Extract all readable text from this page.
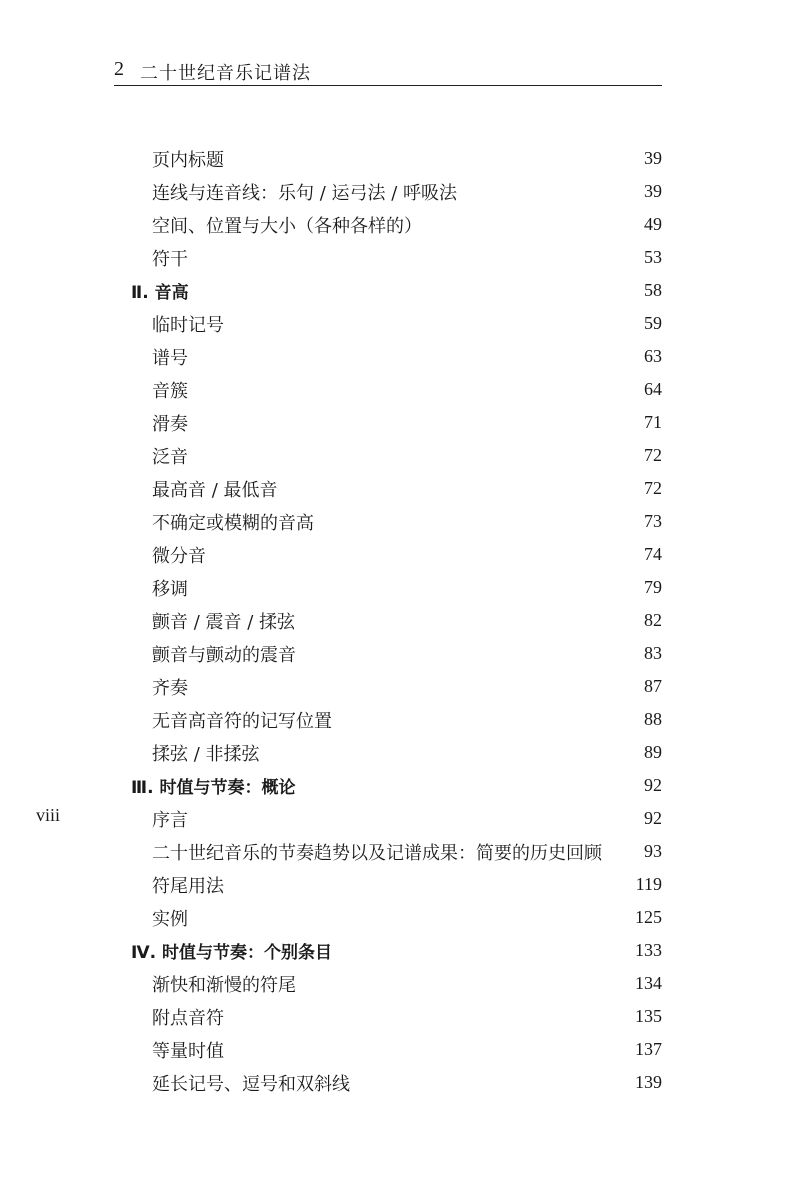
2 二十世纪音乐记谱法
页内标题	39
连线与连音线：乐句 / 运弓法 / 呼吸法	39
空间、位置与大小（各种各样的）	49
符干	53
Ⅱ. 音高	58
临时记号	59
谱号	63
音簇	64
滑奏	71
泛音	72
最高音 / 最低音	72
不确定或模糊的音高	73
微分音	74
移调	79
颤音 / 震音 / 揉弦	82
颤音与颤动的震音	83
齐奏	87
无音高音符的记写位置	88
揉弦 / 非揉弦	89
Ⅲ. 时值与节奏：概论	92
序言	92
二十世纪音乐的节奏趋势以及记谱成果：简要的历史回顾 93
符尾用法	119
实例	125
Ⅳ. 时值与节奏：个别条目	133
渐快和渐慢的符尾	134
附点音符	135
等量时值	137
延长记号、逗号和双斜线	139
viii
